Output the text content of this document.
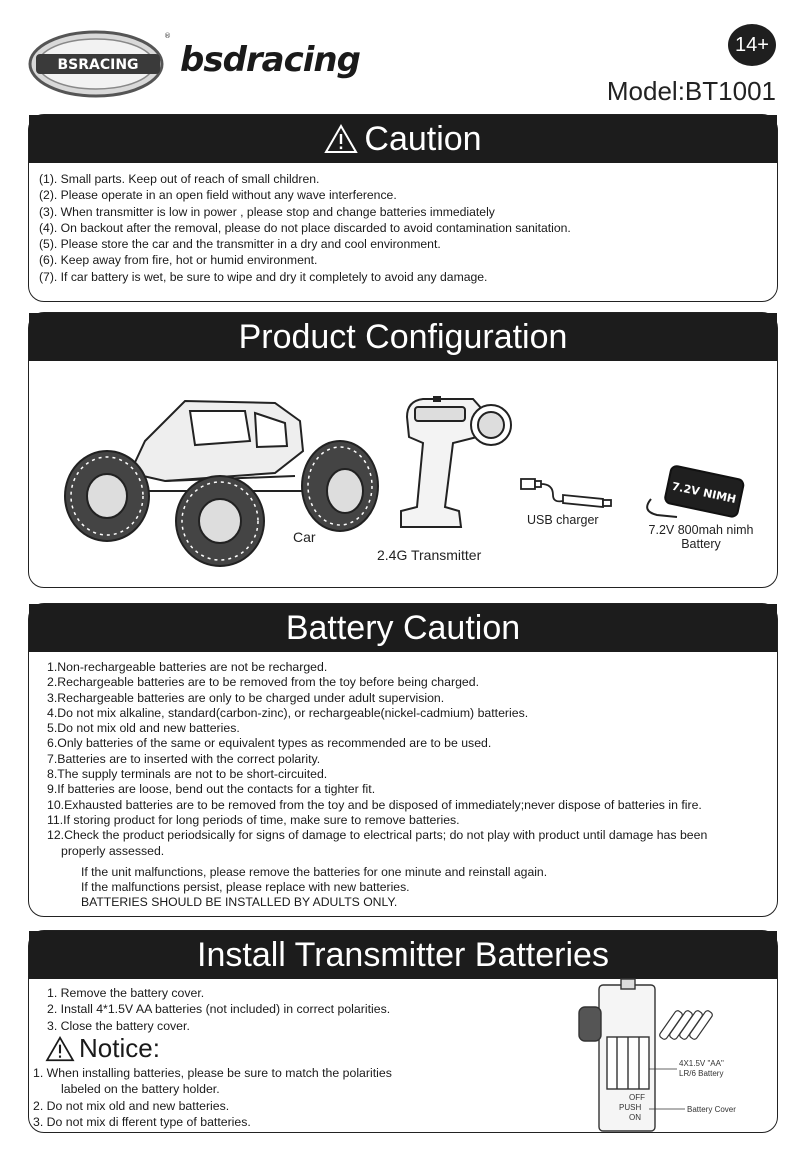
BSRACING
®
bsdracing	14+
Model:BT1001
Caution
(1). Small parts. Keep out of reach of small children.
(2). Please operate in an open field without any wave interference.
(3). When transmitter is low in power , please stop and change batteries immediately
(4). On backout after the removal, please do not place discarded to avoid contamination sanitation.
(5). Please store the car and the transmitter in a dry and cool environment.
(6). Keep away from fire, hot or humid environment.
(7). If car battery is wet, be sure to wipe and dry it completely to avoid any damage.
Product Configuration
Car
2.4G Transmitter
USB charger
7.2V NIMH
7.2V 800mah nimh
Battery
Battery Caution
1.Non-rechargeable batteries are not be recharged.
2.Rechargeable batteries are to be removed from the toy before being charged.
3.Rechargeable batteries are only to be charged under adult supervision.
4.Do not mix alkaline, standard(carbon-zinc), or rechargeable(nickel-cadmium) batteries.
5.Do not mix old and new batteries.
6.Only batteries of the same or equivalent types as recommended are to be used.
7.Batteries are to inserted with the correct polarity.
8.The supply terminals are not to be short-circuited.
9.If batteries are loose, bend out the contacts for a tighter fit.
10.Exhausted batteries are to be removed from the toy and be disposed of immediately;never dispose of batteries in fire.
11.If storing product for long periods of time, make sure to remove batteries.
12.Check the product periodsically for signs of damage to electrical parts; do not play with product until damage has been
properly assessed.
If the unit malfunctions, please remove the batteries for one minute and reinstall again.
If the malfunctions persist, please replace with new batteries.
BATTERIES SHOULD BE INSTALLED BY ADULTS ONLY.
Install Transmitter Batteries
1. Remove the battery cover.
2. Install 4*1.5V AA batteries (not included) in correct polarities.
3. Close the battery cover.
Notice:
1. When installing batteries, please be sure to match the polarities
labeled on the battery holder.
2. Do not mix old and new batteries.
3. Do not mix di fferent type of batteries.
4X1.5V "AA"
LR/6 Battery
Battery Cover
OFF
PUSH
ON
